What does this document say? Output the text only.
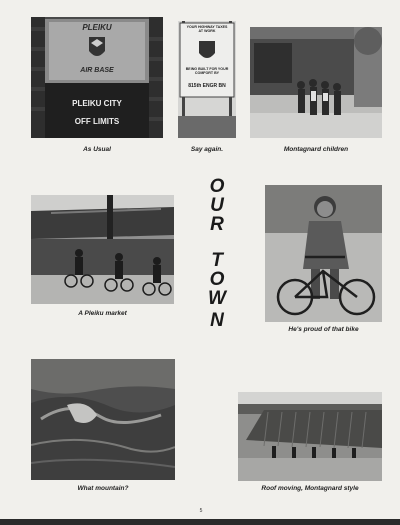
PLEIKU
AIR BASE
PLEIKU CITY
OFF LIMITS
As Usual
YOUR HIGHWAY TAXES AT WORK
BEING BUILT FOR YOUR COMFORT BY
815th ENGR BN
Say again.	Montagnard children
O
U
R
T
O
W
N
A Pleiku market
He's proud of that bike
What mountain?	Roof moving, Montagnard style
5
